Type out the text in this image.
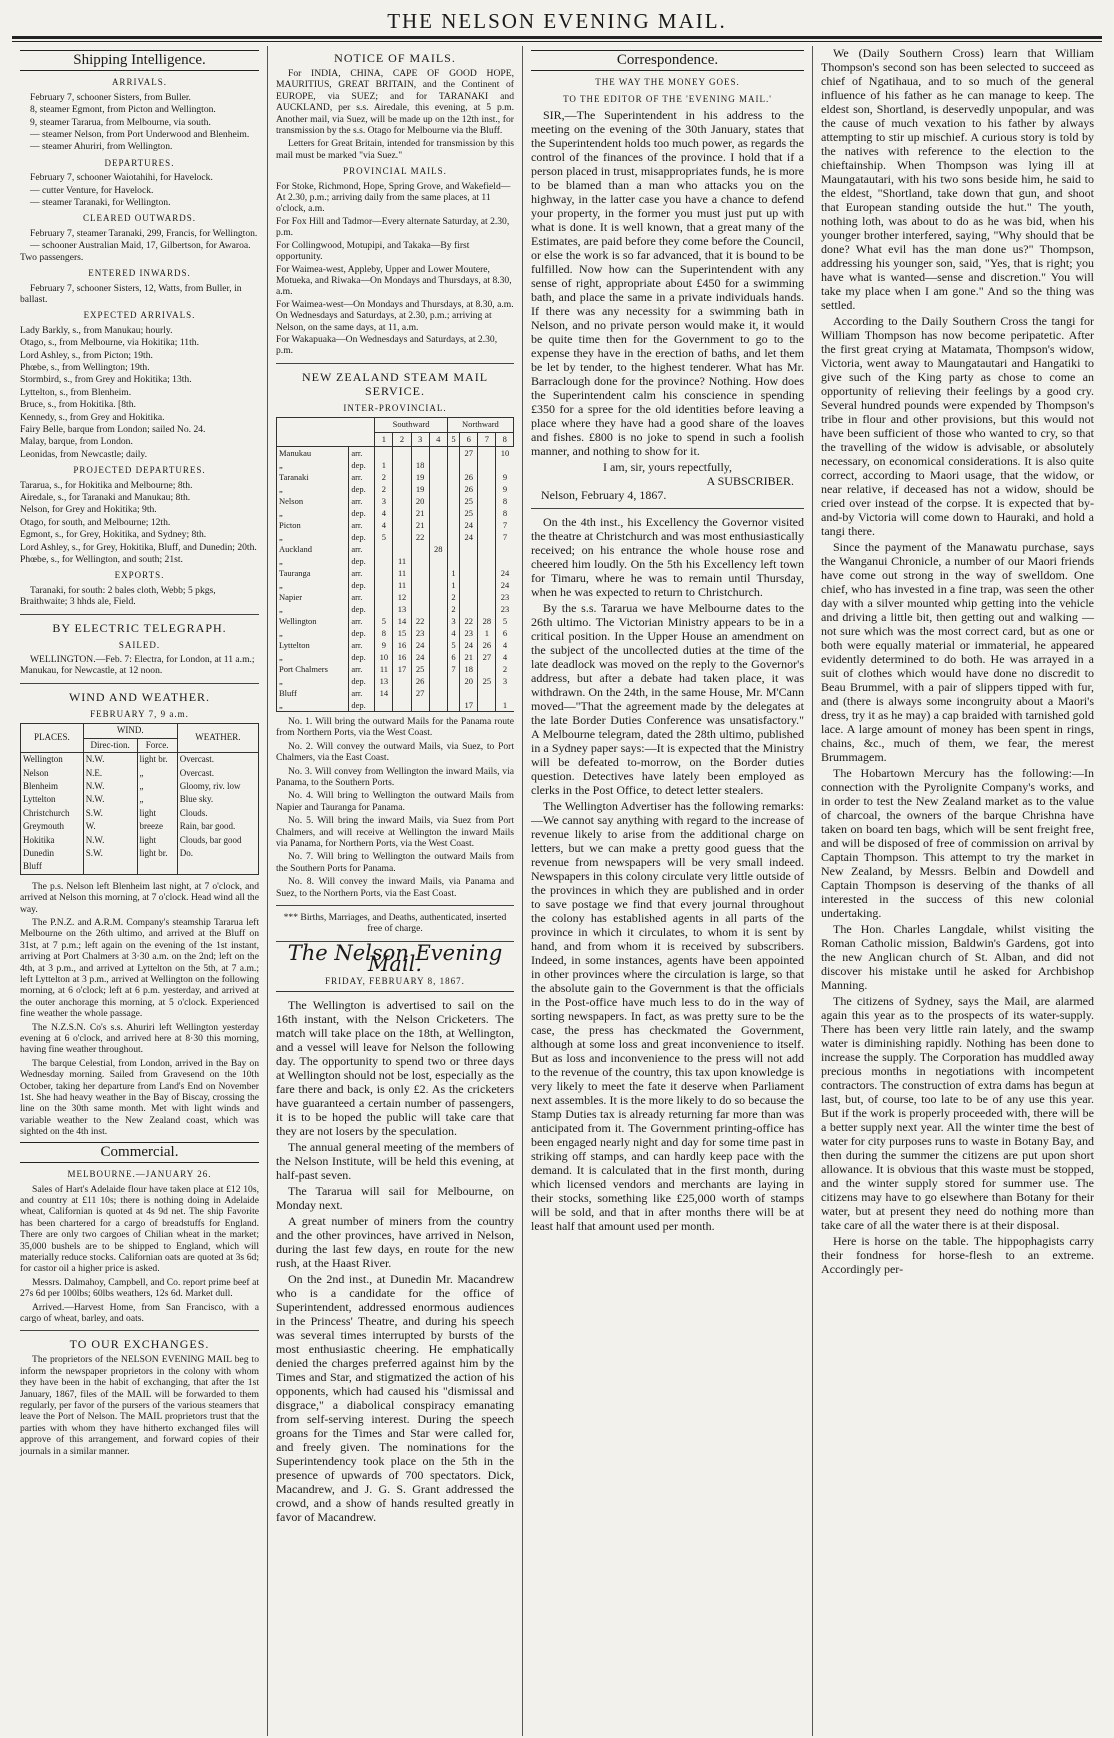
THE NELSON EVENING MAIL.
Shipping Intelligence.
ARRIVALS.
February 7, schooner Sisters, from Buller.
8, steamer Egmont, from Picton and Wellington.
9, steamer Tararua, from Melbourne, via south.
— steamer Nelson, from Port Underwood and Blenheim.
— steamer Ahuriri, from Wellington.
DEPARTURES.
February 7, schooner Waiotahihi, for Havelock.
— cutter Venture, for Havelock.
— steamer Taranaki, for Wellington.
CLEARED OUTWARDS.
February 7, steamer Taranaki, 299, Francis, for Wellington.
— schooner Australian Maid, 17, Gilbertson, for Awaroa. Two passengers.
ENTERED INWARDS.
February 7, schooner Sisters, 12, Watts, from Buller, in ballast.
EXPECTED ARRIVALS.
Lady Barkly, s., from Manukau; hourly.
Otago, s., from Melbourne, via Hokitika; 11th.
Lord Ashley, s., from Picton; 19th.
Phœbe, s., from Wellington; 19th.
Stormbird, s., from Grey and Hokitika; 13th.
Lyttelton, s., from Blenheim.
Bruce, s., from Hokitika. [8th.
Kennedy, s., from Grey and Hokitika.
Fairy Belle, barque from London; sailed No. 24.
Malay, barque, from London.
Leonidas, from Newcastle; daily.
PROJECTED DEPARTURES.
Tararua, s., for Hokitika and Melbourne; 8th.
Airedale, s., for Taranaki and Manukau; 8th.
Nelson, for Grey and Hokitika; 9th.
Otago, for south, and Melbourne; 12th.
Egmont, s., for Grey, Hokitika, and Sydney; 8th.
Lord Ashley, s., for Grey, Hokitika, Bluff, and Dunedin; 20th.
Phœbe, s., for Wellington, and south; 21st.
EXPORTS.
Taranaki, for south: 2 bales cloth, Webb; 5 pkgs, Braithwaite; 3 hhds ale, Field.
BY ELECTRIC TELEGRAPH.
SAILED.
WELLINGTON.—Feb. 7: Electra, for London, at 11 a.m.; Manukau, for Newcastle, at 12 noon.
WIND AND WEATHER.
FEBRUARY 7, 9 a.m.
PLACES.	WIND.		WEATHER.
	Direc-tion.	Force.	
Wellington	N.W.	light br.	Overcast.
Nelson	N.E.	„	Overcast.
Blenheim	N.W.	„	Gloomy, riv. low
Lyttelton	N.W.	„	Blue sky.
Christchurch	S.W.	light	Clouds.
Greymouth	W.	breeze	Rain, bar good.
Hokitika	N.W.	light	Clouds, bar good
Dunedin	S.W.	light br.	Do.
Bluff			
The p.s. Nelson left Blenheim last night, at 7 o'clock, and arrived at Nelson this morning, at 7 o'clock. Head wind all the way.
The P.N.Z. and A.R.M. Company's steamship Tararua left Melbourne on the 26th ultimo, and arrived at the Bluff on 31st, at 7 p.m.; left again on the evening of the 1st instant, arriving at Port Chalmers at 3·30 a.m. on the 2nd; left on the 4th, at 3 p.m., and arrived at Lyttelton on the 5th, at 7 a.m.; left Lyttelton at 3 p.m., arrived at Wellington on the following morning, at 6 o'clock; left at 6 p.m. yesterday, and arrived at the outer anchorage this morning, at 5 o'clock. Experienced fine weather the whole passage.
The N.Z.S.N. Co's s.s. Ahuriri left Wellington yesterday evening at 6 o'clock, and arrived here at 8·30 this morning, having fine weather throughout.
The barque Celestial, from London, arrived in the Bay on Wednesday morning. Sailed from Gravesend on the 10th October, taking her departure from Land's End on November 1st. She had heavy weather in the Bay of Biscay, crossing the line on the 30th same month. Met with light winds and variable weather to the New Zealand coast, which was sighted on the 4th inst.
Commercial.
MELBOURNE.—JANUARY 26.
Sales of Hart's Adelaide flour have taken place at £12 10s, and country at £11 10s; there is nothing doing in Adelaide wheat, Californian is quoted at 4s 9d net. The ship Favorite has been chartered for a cargo of breadstuffs for England. There are only two cargoes of Chilian wheat in the market; 35,000 bushels are to be shipped to England, which will materially reduce stocks. Californian oats are quoted at 3s 6d; for castor oil a higher price is asked.
Messrs. Dalmahoy, Campbell, and Co. report prime beef at 27s 6d per 100lbs; 60lbs weathers, 12s 6d. Market dull.
Arrived.—Harvest Home, from San Francisco, with a cargo of wheat, barley, and oats.
TO OUR EXCHANGES.
The proprietors of the NELSON EVENING MAIL beg to inform the newspaper proprietors in the colony with whom they have been in the habit of exchanging, that after the 1st January, 1867, files of the MAIL will be forwarded to them regularly, per favor of the pursers of the various steamers that leave the Port of Nelson. The MAIL proprietors trust that the parties with whom they have hitherto exchanged files will approve of this arrangement, and forward copies of their journals in a similar manner.
NOTICE OF MAILS.
For INDIA, CHINA, CAPE OF GOOD HOPE, MAURITIUS, GREAT BRITAIN, and the Continent of EUROPE, via SUEZ; and for TARANAKI and AUCKLAND, per s.s. Airedale, this evening, at 5 p.m. Another mail, via Suez, will be made up on the 12th inst., for transmission by the s.s. Otago for Melbourne via the Bluff.
Letters for Great Britain, intended for transmission by this mail must be marked "via Suez."
PROVINCIAL MAILS.
For Stoke, Richmond, Hope, Spring Grove, and Wakefield—At 2.30, p.m.; arriving daily from the same places, at 11 o'clock, a.m.
For Fox Hill and Tadmor—Every alternate Saturday, at 2.30, p.m.
For Collingwood, Motupipi, and Takaka—By first opportunity.
For Waimea-west, Appleby, Upper and Lower Moutere, Motueka, and Riwaka—On Mondays and Thursdays, at 8.30, a.m.
For Waimea-west—On Mondays and Thursdays, at 8.30, a.m. On Wednesdays and Saturdays, at 2.30, p.m.; arriving at Nelson, on the same days, at 11, a.m.
For Wakapuaka—On Wednesdays and Saturdays, at 2.30, p.m.
NEW ZEALAND STEAM MAIL SERVICE.
INTER-PROVINCIAL.
		Southward				Northward			
		1	2	3	4	5	6	7	8
Manukau	arr.						27		10
„	dep.	1		18					
Taranaki	arr.	2		19			26		9
„	dep.	2		19			26		9
Nelson	arr.	3		20			25		8
„	dep.	4		21			25		8
Picton	arr.	4		21			24		7
„	dep.	5		22			24		7
Auckland	arr.				28				
„	dep.		11						
Tauranga	arr.		11			1			24
„	dep.		11			1			24
Napier	arr.		12			2			23
„	dep.		13			2			23
Wellington	arr.	5	14	22		3	22	28	5
„	dep.	8	15	23		4	23	1	6
Lyttelton	arr.	9	16	24		5	24	26	4
„	dep.	10	16	24		6	21	27	4
Port Chalmers	arr.	11	17	25		7	18		2
„	dep.	13		26			20	25	3
Bluff	arr.	14		27					
„	dep.						17		1
No. 1. Will bring the outward Mails for the Panama route from Northern Ports, via the West Coast.
No. 2. Will convey the outward Mails, via Suez, to Port Chalmers, via the East Coast.
No. 3. Will convey from Wellington the inward Mails, via Panama, to the Southern Ports.
No. 4. Will bring to Wellington the outward Mails from Napier and Tauranga for Panama.
No. 5. Will bring the inward Mails, via Suez from Port Chalmers, and will receive at Wellington the inward Mails via Panama, for Northern Ports, via the West Coast.
No. 7. Will bring to Wellington the outward Mails from the Southern Ports for Panama.
No. 8. Will convey the inward Mails, via Panama and Suez, to the Northern Ports, via the East Coast.
*** Births, Marriages, and Deaths, authenticated, inserted free of charge.
The Nelson Evening Mail.
FRIDAY, FEBRUARY 8, 1867.
The Wellington is advertised to sail on the 16th instant, with the Nelson Cricketers. The match will take place on the 18th, at Wellington, and a vessel will leave for Nelson the following day. The opportunity to spend two or three days at Wellington should not be lost, especially as the fare there and back, is only £2. As the cricketers have guaranteed a certain number of passengers, it is to be hoped the public will take care that they are not losers by the speculation.
The annual general meeting of the members of the Nelson Institute, will be held this evening, at half-past seven.
The Tararua will sail for Melbourne, on Monday next.
A great number of miners from the country and the other provinces, have arrived in Nelson, during the last few days, en route for the new rush, at the Haast River.
On the 2nd inst., at Dunedin Mr. Macandrew who is a candidate for the office of Superintendent, addressed enormous audiences in the Princess' Theatre, and during his speech was several times interrupted by bursts of the most enthusiastic cheering. He emphatically denied the charges preferred against him by the Times and Star, and stigmatized the action of his opponents, which had caused his "dismissal and disgrace," a diabolical conspiracy emanating from self-serving interest. During the speech groans for the Times and Star were called for, and freely given. The nominations for the Superintendency took place on the 5th in the presence of upwards of 700 spectators. Dick, Macandrew, and J. G. S. Grant addressed the crowd, and a show of hands resulted greatly in favor of Macandrew.
Correspondence.
THE WAY THE MONEY GOES.
TO THE EDITOR OF THE 'EVENING MAIL.'
SIR,—The Superintendent in his address to the meeting on the evening of the 30th January, states that the Superintendent holds too much power, as regards the control of the finances of the province. I hold that if a person placed in trust, misappropriates funds, he is more to be blamed than a man who attacks you on the highway, in the latter case you have a chance to defend your property, in the former you must just put up with what is done. It is well known, that a great many of the Estimates, are paid before they come before the Council, or else the work is so far advanced, that it is bound to be fulfilled. Now how can the Superintendent with any sense of right, appropriate about £450 for a swimming bath, and place the same in a private individuals hands. If there was any necessity for a swimming bath in Nelson, and no private person would make it, it would be quite time then for the Government to go to the expense they have in the erection of baths, and let them be let by tender, to the highest tenderer. What has Mr. Barraclough done for the province? Nothing. How does the Superintendent calm his conscience in spending £350 for a spree for the old identities before leaving a place where they have had a good share of the loaves and fishes. £800 is no joke to spend in such a foolish manner, and nothing to show for it.
I am, sir, yours repectfully,
A SUBSCRIBER.
Nelson, February 4, 1867.
On the 4th inst., his Excellency the Governor visited the theatre at Christchurch and was most enthusiastically received; on his entrance the whole house rose and cheered him loudly. On the 5th his Excellency left town for Timaru, where he was to remain until Thursday, when he was expected to return to Christchurch.
By the s.s. Tararua we have Melbourne dates to the 26th ultimo. The Victorian Ministry appears to be in a critical position. In the Upper House an amendment on the subject of the uncollected duties at the time of the late deadlock was moved on the reply to the Governor's address, but after a debate had taken place, it was withdrawn. On the 24th, in the same House, Mr. M'Cann moved—"That the agreement made by the delegates at the late Border Duties Conference was unsatisfactory." A Melbourne telegram, dated the 28th ultimo, published in a Sydney paper says:—It is expected that the Ministry will be defeated to-morrow, on the Border duties question. Detectives have lately been employed as clerks in the Post Office, to detect letter stealers.
The Wellington Advertiser has the following remarks:—We cannot say anything with regard to the increase of revenue likely to arise from the additional charge on letters, but we can make a pretty good guess that the revenue from newspapers will be very small indeed. Newspapers in this colony circulate very little outside of the provinces in which they are published and in order to save postage we find that every journal throughout the colony has established agents in all parts of the province in which it circulates, to whom it is sent by hand, and from whom it is received by subscribers. Indeed, in some instances, agents have been appointed in other provinces where the circulation is large, so that the absolute gain to the Government is that the officials in the Post-office have much less to do in the way of sorting newspapers. In fact, as was pretty sure to be the case, the press has checkmated the Government, although at some loss and great inconvenience to itself. But as loss and inconvenience to the press will not add to the revenue of the country, this tax upon knowledge is very likely to meet the fate it deserve when Parliament next assembles. It is the more likely to do so because the Stamp Duties tax is already returning far more than was anticipated from it. The Government printing-office has been engaged nearly night and day for some time past in striking off stamps, and can hardly keep pace with the demand. It is calculated that in the first month, during which licensed vendors and merchants are laying in their stocks, something like £25,000 worth of stamps will be sold, and that in after months there will be at least half that amount used per month.
We (Daily Southern Cross) learn that William Thompson's second son has been selected to succeed as chief of Ngatihaua, and to so much of the general influence of his father as he can manage to keep. The eldest son, Shortland, is deservedly unpopular, and was the cause of much vexation to his father by always attempting to stir up mischief. A curious story is told by the natives with reference to the election to the chieftainship. When Thompson was lying ill at Maungatautari, with his two sons beside him, he said to the eldest, "Shortland, take down that gun, and shoot that European standing outside the hut." The youth, nothing loth, was about to do as he was bid, when his younger brother interfered, saying, "Why should that be done? What evil has the man done us?" Thompson, addressing his younger son, said, "Yes, that is right; you have what is wanted—sense and discretion." You will take my place when I am gone." And so the thing was settled.
According to the Daily Southern Cross the tangi for William Thompson has now become peripatetic. After the first great crying at Matamata, Thompson's widow, Victoria, went away to Maungatautari and Hangatiki to give such of the King party as chose to come an opportunity of relieving their feelings by a good cry. Several hundred pounds were expended by Thompson's tribe in flour and other provisions, but this would not have been sufficient of those who wanted to cry, so that the travelling of the widow is advisable, or absolutely necessary, on economical considerations. It is also quite correct, according to Maori usage, that the widow, or near relative, if deceased has not a widow, should be cried over instead of the corpse. It is expected that by-and-by Victoria will come down to Hauraki, and hold a tangi there.
Since the payment of the Manawatu purchase, says the Wanganui Chronicle, a number of our Maori friends have come out strong in the way of swelldom. One chief, who has invested in a fine trap, was seen the other day with a silver mounted whip getting into the vehicle and driving a little bit, then getting out and walking —not sure which was the most correct card, but as one or both were equally material or immaterial, he appeared evidently determined to do both. He was arrayed in a suit of clothes which would have done no discredit to Beau Brummel, with a pair of slippers tipped with fur, and (there is always some incongruity about a Maori's dress, try it as he may) a cap braided with tarnished gold lace. A large amount of money has been spent in rings, chains, &c., much of them, we fear, the merest Brummagem.
The Hobartown Mercury has the following:—In connection with the Pyrolignite Company's works, and in order to test the New Zealand market as to the value of charcoal, the owners of the barque Chrishna have taken on board ten bags, which will be sent freight free, and will be disposed of free of commission on arrival by Captain Thompson. This attempt to try the market in New Zealand, by Messrs. Belbin and Dowdell and Captain Thompson is deserving of the thanks of all interested in the success of this new colonial undertaking.
The Hon. Charles Langdale, whilst visiting the Roman Catholic mission, Baldwin's Gardens, got into the new Anglican church of St. Alban, and did not discover his mistake until he asked for Archbishop Manning.
The citizens of Sydney, says the Mail, are alarmed again this year as to the prospects of its water-supply. There has been very little rain lately, and the swamp water is diminishing rapidly. Nothing has been done to increase the supply. The Corporation has muddled away precious months in negotiations with incompetent contractors. The construction of extra dams has begun at last, but, of course, too late to be of any use this year. But if the work is properly proceeded with, there will be a better supply next year. All the winter time the best of water for city purposes runs to waste in Botany Bay, and then during the summer the citizens are put upon short allowance. It is obvious that this waste must be stopped, and the winter supply stored for summer use. The citizens may have to go elsewhere than Botany for their water, but at present they need do nothing more than take care of all the water there is at their disposal.
Here is horse on the table. The hippophagists carry their fondness for horse-flesh to an extreme. Accordingly per-
